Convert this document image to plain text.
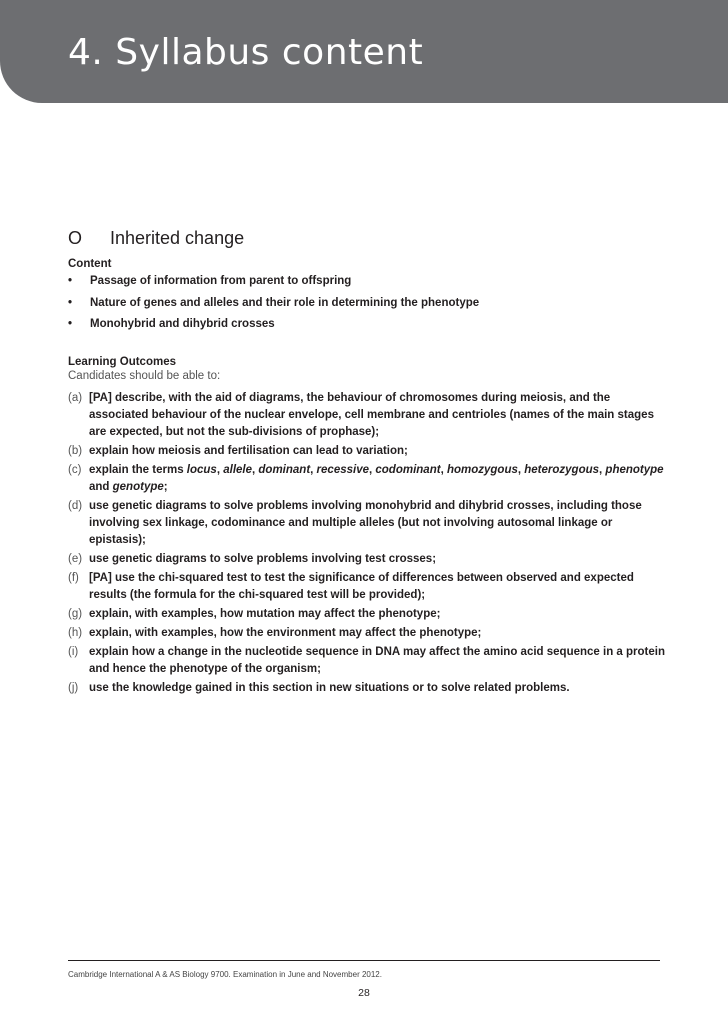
4. Syllabus content
O Inherited change
Content
• Passage of information from parent to offspring
• Nature of genes and alleles and their role in determining the phenotype
• Monohybrid and dihybrid crosses
Learning Outcomes
Candidates should be able to:
(a) [PA] describe, with the aid of diagrams, the behaviour of chromosomes during meiosis, and the associated behaviour of the nuclear envelope, cell membrane and centrioles (names of the main stages are expected, but not the sub-divisions of prophase);
(b) explain how meiosis and fertilisation can lead to variation;
(c) explain the terms locus, allele, dominant, recessive, codominant, homozygous, heterozygous, phenotype and genotype;
(d) use genetic diagrams to solve problems involving monohybrid and dihybrid crosses, including those involving sex linkage, codominance and multiple alleles (but not involving autosomal linkage or epistasis);
(e) use genetic diagrams to solve problems involving test crosses;
(f) [PA] use the chi-squared test to test the significance of differences between observed and expected results (the formula for the chi-squared test will be provided);
(g) explain, with examples, how mutation may affect the phenotype;
(h) explain, with examples, how the environment may affect the phenotype;
(i) explain how a change in the nucleotide sequence in DNA may affect the amino acid sequence in a protein and hence the phenotype of the organism;
(j) use the knowledge gained in this section in new situations or to solve related problems.
Cambridge International A & AS Biology 9700. Examination in June and November 2012.
28
